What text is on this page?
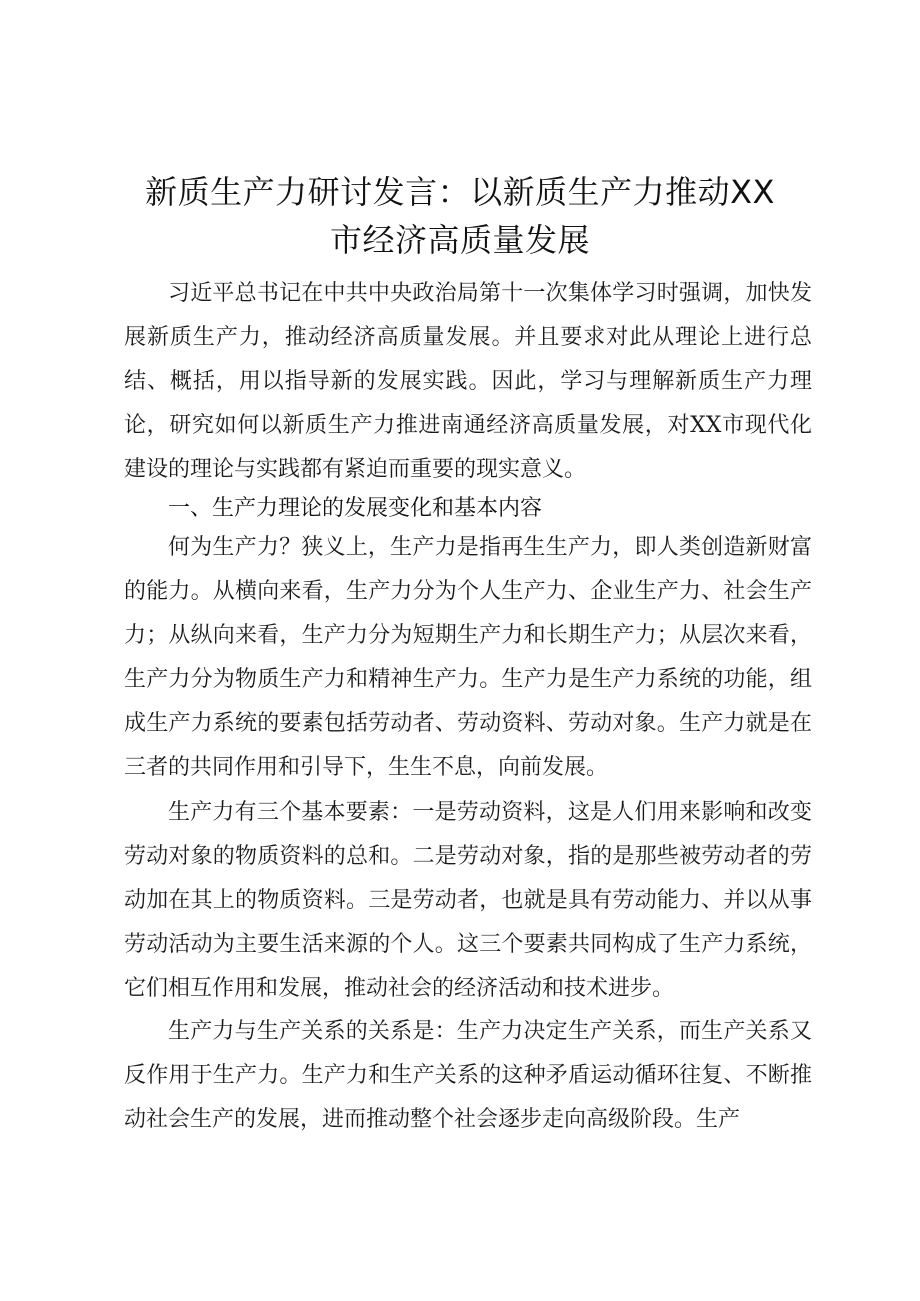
新质生产力研讨发言：以新质生产力推动XX
市经济高质量发展

习近平总书记在中共中央政治局第十一次集体学习时强调，加快发展新质生产力，推动经济高质量发展。并且要求对此从理论上进行总结、概括，用以指导新的发展实践。因此，学习与理解新质生产力理论，研究如何以新质生产力推进南通经济高质量发展，对XX市现代化建设的理论与实践都有紧迫而重要的现实意义。

一、生产力理论的发展变化和基本内容

何为生产力？狭义上，生产力是指再生生产力，即人类创造新财富的能力。从横向来看，生产力分为个人生产力、企业生产力、社会生产力；从纵向来看，生产力分为短期生产力和长期生产力；从层次来看，生产力分为物质生产力和精神生产力。生产力是生产力系统的功能，组成生产力系统的要素包括劳动者、劳动资料、劳动对象。生产力就是在三者的共同作用和引导下，生生不息，向前发展。

生产力有三个基本要素：一是劳动资料，这是人们用来影响和改变劳动对象的物质资料的总和。二是劳动对象，指的是那些被劳动者的劳动加在其上的物质资料。三是劳动者，也就是具有劳动能力、并以从事劳动活动为主要生活来源的个人。这三个要素共同构成了生产力系统，它们相互作用和发展，推动社会的经济活动和技术进步。

生产力与生产关系的关系是：生产力决定生产关系，而生产关系又反作用于生产力。生产力和生产关系的这种矛盾运动循环往复、不断推动社会生产的发展，进而推动整个社会逐步走向高级阶段。生产
